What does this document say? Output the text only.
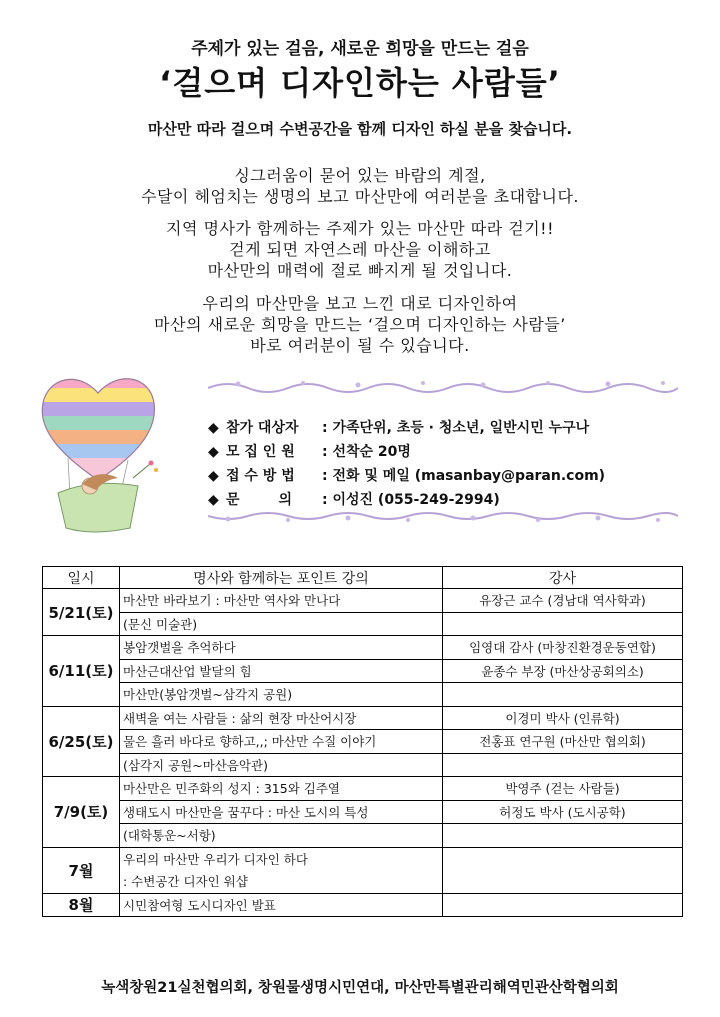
주제가 있는 걸음, 새로운 희망을 만드는 걸음
‘걸으며 디자인하는 사람들’
마산만 따라 걸으며 수변공간을 함께 디자인 하실 분을 찾습니다.
싱그러움이 묻어 있는 바람의 계절,
수달이 헤엄치는 생명의 보고 마산만에 여러분을 초대합니다.
지역 명사가 함께하는 주제가 있는 마산만 따라 걷기!!
걷게 되면 자연스레 마산을 이해하고
마산만의 매력에 절로 빠지게 될 것입니다.
우리의 마산만을 보고 느낀 대로 디자인하여
마산의 새로운 희망을 만드는 ‘걸으며 디자인하는 사람들’
바로 여러분이 될 수 있습니다.
◆ 참가 대상자 : 가족단위, 초등 · 청소년, 일반시민 누구나
◆ 모 집 인 원 : 선착순 20명
◆ 접 수 방 법 : 전화 및 메일 (masanbay@paran.com)
◆ 문        의 : 이성진 (055-249-2994)
일시	명사와 함께하는 포인트 강의	강사
5/21(토)	마산만 바라보기 : 마산만 역사와 만나다	유장근 교수 (경남대 역사학과)
	(문신 미술관)	
6/11(토)	봉암갯벌을 추억하다	임영대 감사 (마창진환경운동연합)
	마산근대산업 발달의 힘	윤종수 부장 (마산상공회의소)
	마산만(봉암갯벌~삼각지 공원)	
6/25(토)	새벽을 여는 사람들 : 삶의 현장 마산어시장	이경미 박사 (인류학)
	물은 흘러 바다로 향하고,,; 마산만 수질 이야기	전홍표 연구원 (마산만 협의회)
	(삼각지 공원~마산음악관)	
7/9(토)	마산만은 민주화의 성지 : 315와 김주열	박영주 (걷는 사람들)
	생태도시 마산만을 꿈꾸다 : 마산 도시의 특성	허정도 박사 (도시공학)
	(대학통운~서항)	
7월	우리의 마산만 우리가 디자인 하다	
	: 수변공간 디자인 워샵	
8월	시민참여형 도시디자인 발표	
녹색창원21실천협의회, 창원물생명시민연대, 마산만특별관리해역민관산학협의회
